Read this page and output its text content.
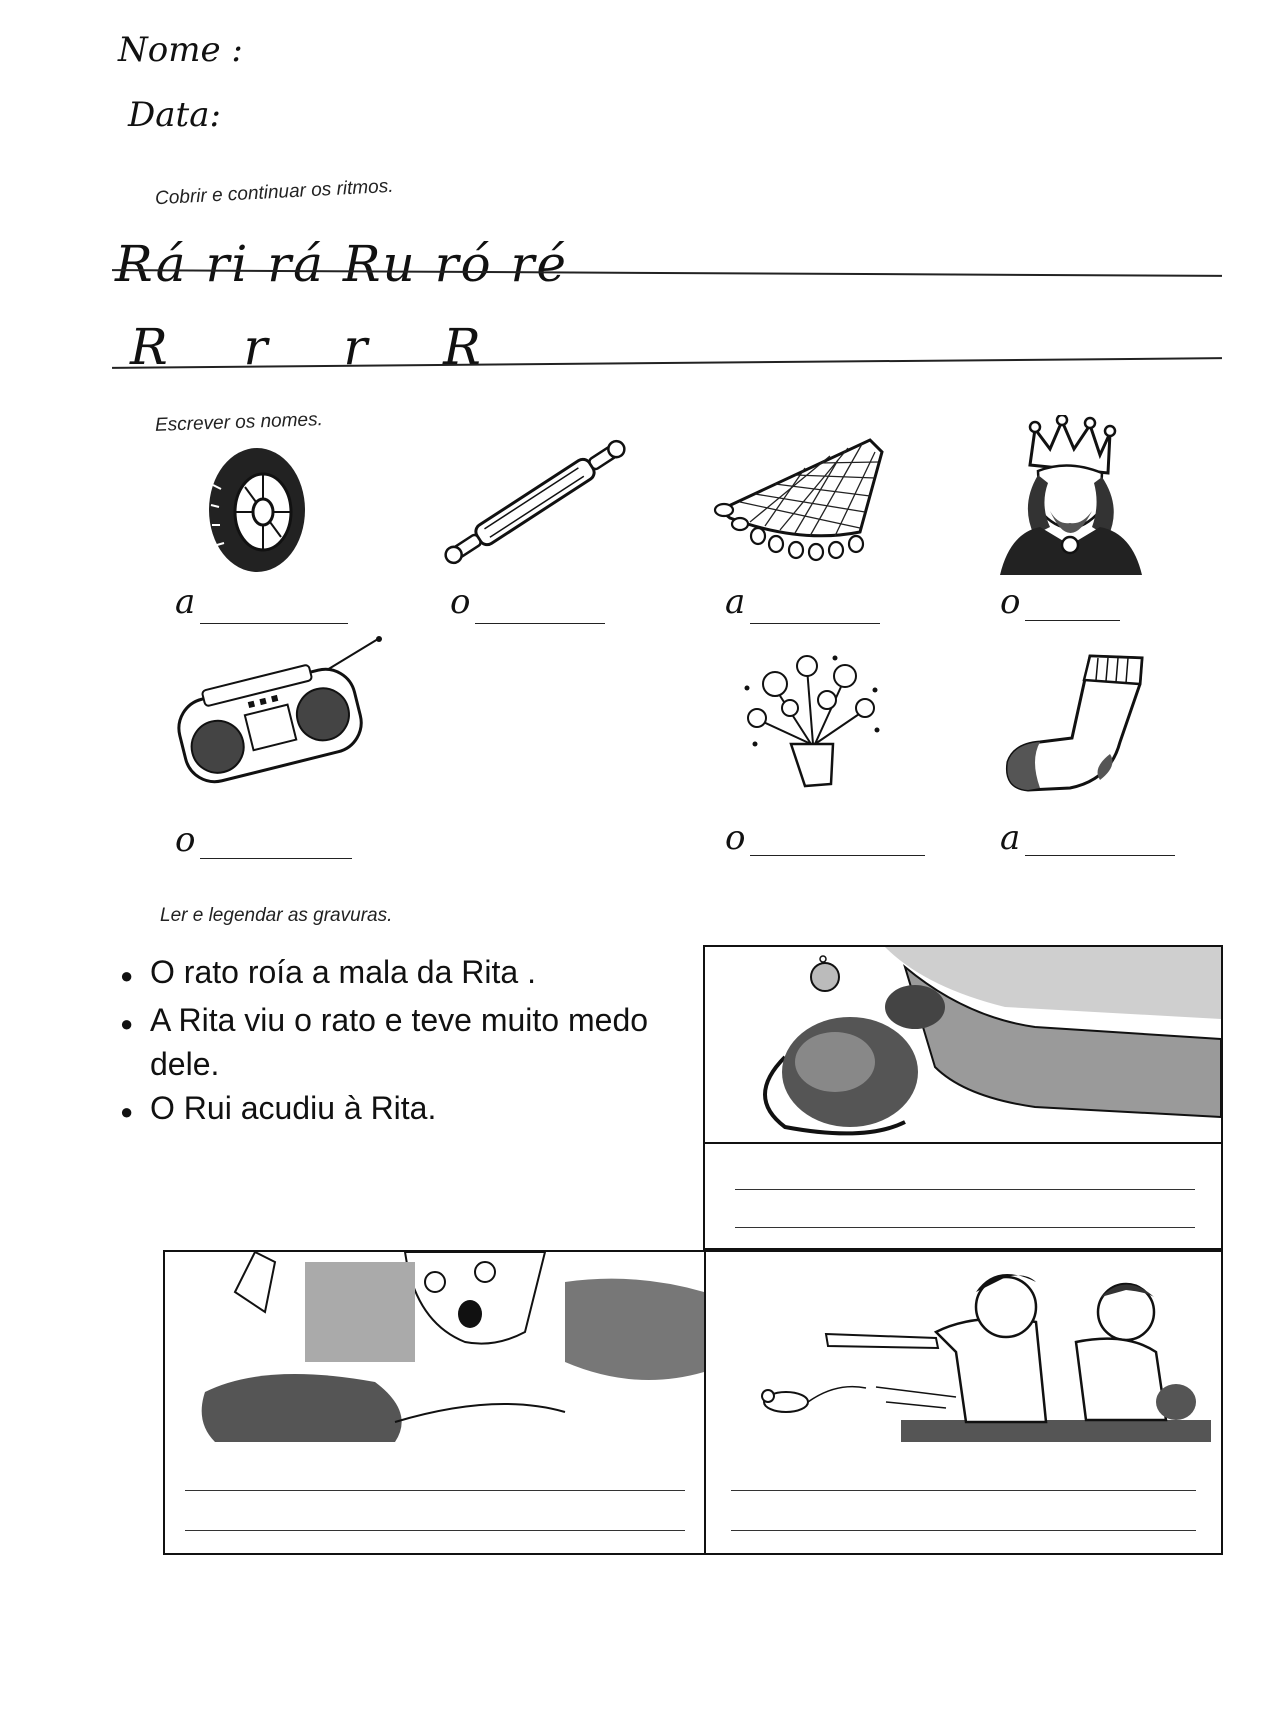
Nome :
Data:
Cobrir e continuar os ritmos.
Rá ri rá Ru ró ré
R r r R
Escrever os nomes.
a	o	a	o
o	o	a
Ler e legendar as gravuras.
● O rato roía a mala da Rita .
● A Rita viu o rato e teve muito medo dele.
● O Rui acudiu à Rita.
